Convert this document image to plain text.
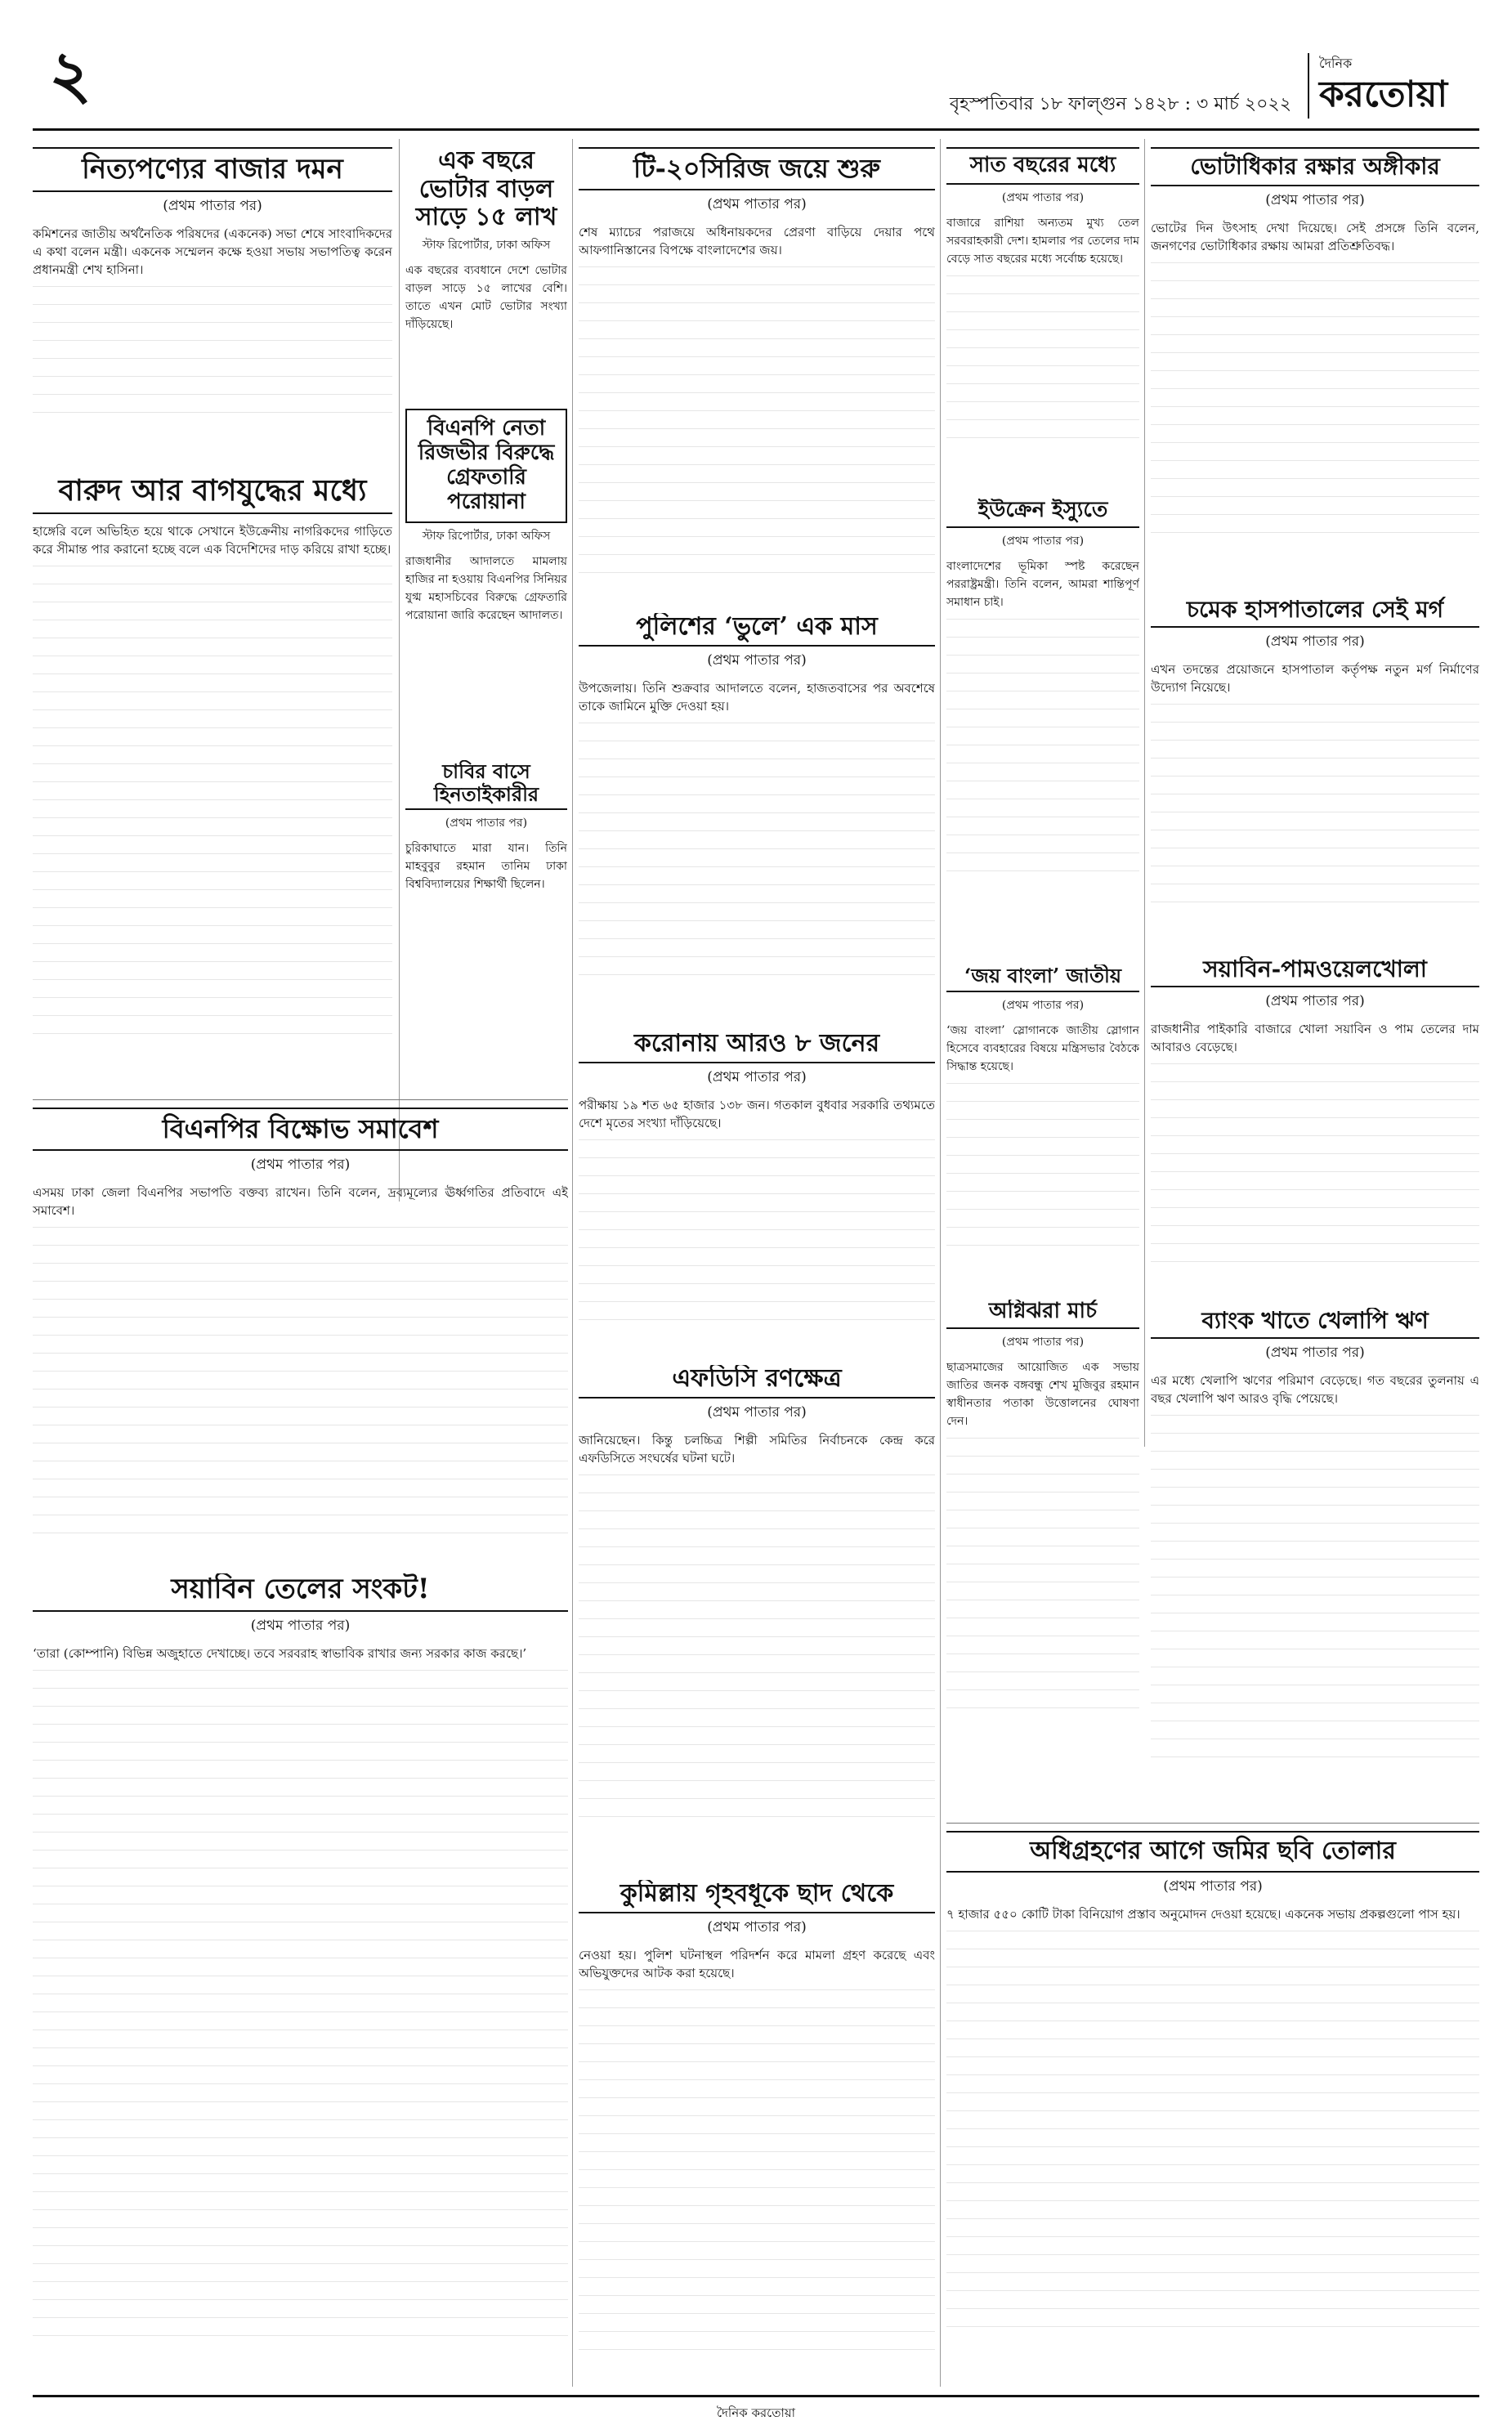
২	বৃহস্পতিবার ১৮ ফাল্গুন ১৪২৮ : ৩ মার্চ ২০২২
দৈনিক
করতোয়া
নিত্যপণ্যের বাজার দমন
(প্রথম পাতার পর)
কমিশনের জাতীয় অর্থনৈতিক পরিষদের (একনেক) সভা শেষে সাংবাদিকদের এ কথা বলেন মন্ত্রী। একনেক সম্মেলন কক্ষে হওয়া সভায় সভাপতিত্ব করেন প্রধানমন্ত্রী শেখ হাসিনা।
বারুদ আর বাগযুদ্ধের মধ্যে
হাঙ্গেরি বলে অভিহিত হয়ে থাকে সেখানে ইউক্রেনীয় নাগরিকদের গাড়িতে করে সীমান্ত পার করানো হচ্ছে বলে এক বিদেশিদের দাড় করিয়ে রাখা হচ্ছে।
এক বছরে ভোটার বাড়ল সাড়ে ১৫ লাখ
স্টাফ রিপোর্টার, ঢাকা অফিস
এক বছরের ব্যবধানে দেশে ভোটার বাড়ল সাড়ে ১৫ লাখের বেশি। তাতে এখন মোট ভোটার সংখ্যা দাঁড়িয়েছে।
বিএনপি নেতা রিজভীর বিরুদ্ধে গ্রেফতারি পরোয়ানা
স্টাফ রিপোর্টার, ঢাকা অফিস
রাজধানীর আদালতে মামলায় হাজির না হওয়ায় বিএনপির সিনিয়র যুগ্ম মহাসচিবের বিরুদ্ধে গ্রেফতারি পরোয়ানা জারি করেছেন আদালত।
চাবির বাসে হিনতাইকারীর
(প্রথম পাতার পর)
চুরিকাঘাতে মারা যান। তিনি মাহবুবুর রহমান তানিম ঢাকা বিশ্ববিদ্যালয়ের শিক্ষার্থী ছিলেন।
বিএনপির বিক্ষোভ সমাবেশ
(প্রথম পাতার পর)
এসময় ঢাকা জেলা বিএনপির সভাপতি বক্তব্য রাখেন। তিনি বলেন, দ্রব্যমূল্যের ঊর্ধ্বগতির প্রতিবাদে এই সমাবেশ।
সয়াবিন তেলের সংকট!
(প্রথম পাতার পর)
‘তারা (কোম্পানি) বিভিন্ন অজুহাতে দেখাচ্ছে। তবে সরবরাহ স্বাভাবিক রাখার জন্য সরকার কাজ করছে।’
টি-২০সিরিজ জয়ে শুরু
(প্রথম পাতার পর)
শেষ ম্যাচের পরাজয়ে অধিনায়কদের প্রেরণা বাড়িয়ে দেয়ার পথে আফগানিস্তানের বিপক্ষে বাংলাদেশের জয়।
পুলিশের ‘ভুলে’ এক মাস
(প্রথম পাতার পর)
উপজেলায়। তিনি শুক্রবার আদালতে বলেন, হাজতবাসের পর অবশেষে তাকে জামিনে মুক্তি দেওয়া হয়।
করোনায় আরও ৮ জনের
(প্রথম পাতার পর)
পরীক্ষায় ১৯ শত ৬৫ হাজার ১৩৮ জন। গতকাল বুধবার সরকারি তথ্যমতে দেশে মৃতের সংখ্যা দাঁড়িয়েছে।
এফডিসি রণক্ষেত্র
(প্রথম পাতার পর)
জানিয়েছেন। কিন্তু চলচ্চিত্র শিল্পী সমিতির নির্বাচনকে কেন্দ্র করে এফডিসিতে সংঘর্ষের ঘটনা ঘটে।
কুমিল্লায় গৃহবধূকে ছাদ থেকে
(প্রথম পাতার পর)
নেওয়া হয়। পুলিশ ঘটনাস্থল পরিদর্শন করে মামলা গ্রহণ করেছে এবং অভিযুক্তদের আটক করা হয়েছে।
সাত বছরের মধ্যে
(প্রথম পাতার পর)
বাজারে রাশিয়া অন্যতম মুখ্য তেল সরবরাহকারী দেশ। হামলার পর তেলের দাম বেড়ে সাত বছরের মধ্যে সর্বোচ্চ হয়েছে।
ইউক্রেন ইস্যুতে
(প্রথম পাতার পর)
বাংলাদেশের ভূমিকা স্পষ্ট করেছেন পররাষ্ট্রমন্ত্রী। তিনি বলেন, আমরা শান্তিপূর্ণ সমাধান চাই।
‘জয় বাংলা’ জাতীয়
(প্রথম পাতার পর)
‘জয় বাংলা’ স্লোগানকে জাতীয় স্লোগান হিসেবে ব্যবহারের বিষয়ে মন্ত্রিসভার বৈঠকে সিদ্ধান্ত হয়েছে।
অগ্নিঝরা মার্চ
(প্রথম পাতার পর)
ছাত্রসমাজের আয়োজিত এক সভায় জাতির জনক বঙ্গবন্ধু শেখ মুজিবুর রহমান স্বাধীনতার পতাকা উত্তোলনের ঘোষণা দেন।
ভোটাধিকার রক্ষার অঙ্গীকার
(প্রথম পাতার পর)
ভোটের দিন উৎসাহ দেখা দিয়েছে। সেই প্রসঙ্গে তিনি বলেন, জনগণের ভোটাধিকার রক্ষায় আমরা প্রতিশ্রুতিবদ্ধ।
চমেক হাসপাতালের সেই মর্গ
(প্রথম পাতার পর)
এখন তদন্তের প্রয়োজনে হাসপাতাল কর্তৃপক্ষ নতুন মর্গ নির্মাণের উদ্যোগ নিয়েছে।
সয়াবিন-পামওয়েলখোলা
(প্রথম পাতার পর)
রাজধানীর পাইকারি বাজারে খোলা সয়াবিন ও পাম তেলের দাম আবারও বেড়েছে।
ব্যাংক খাতে খেলাপি ঋণ
(প্রথম পাতার পর)
এর মধ্যে খেলাপি ঋণের পরিমাণ বেড়েছে। গত বছরের তুলনায় এ বছর খেলাপি ঋণ আরও বৃদ্ধি পেয়েছে।
অধিগ্রহণের আগে জমির ছবি তোলার
(প্রথম পাতার পর)
৭ হাজার ৫৫০ কোটি টাকা বিনিয়োগ প্রস্তাব অনুমোদন দেওয়া হয়েছে। একনেক সভায় প্রকল্পগুলো পাস হয়।
দৈনিক করতোয়া
